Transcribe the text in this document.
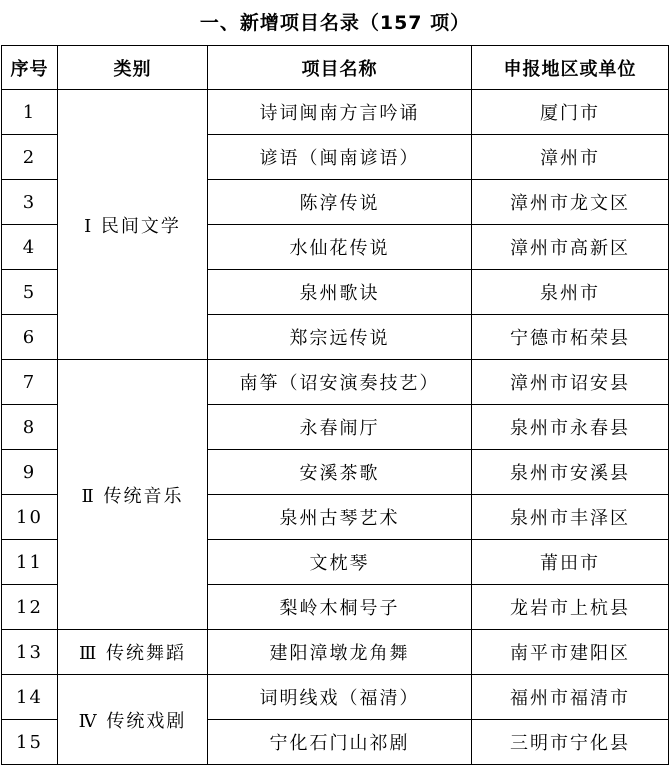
一、新增项目名录（157 项）
序号	类别	项目名称	申报地区或单位
1	Ⅰ 民间文学	诗词闽南方言吟诵	厦门市
2		谚语（闽南谚语）	漳州市
3		陈淳传说	漳州市龙文区
4		水仙花传说	漳州市高新区
5		泉州歌诀	泉州市
6		郑宗远传说	宁德市柘荣县
7	Ⅱ 传统音乐	南筝（诏安演奏技艺）	漳州市诏安县
8		永春闹厅	泉州市永春县
9		安溪茶歌	泉州市安溪县
10		泉州古琴艺术	泉州市丰泽区
11		文枕琴	莆田市
12		梨岭木桐号子	龙岩市上杭县
13	Ⅲ 传统舞蹈	建阳漳墩龙角舞	南平市建阳区
14	Ⅳ 传统戏剧	词明线戏（福清）	福州市福清市
15		宁化石门山祁剧	三明市宁化县
